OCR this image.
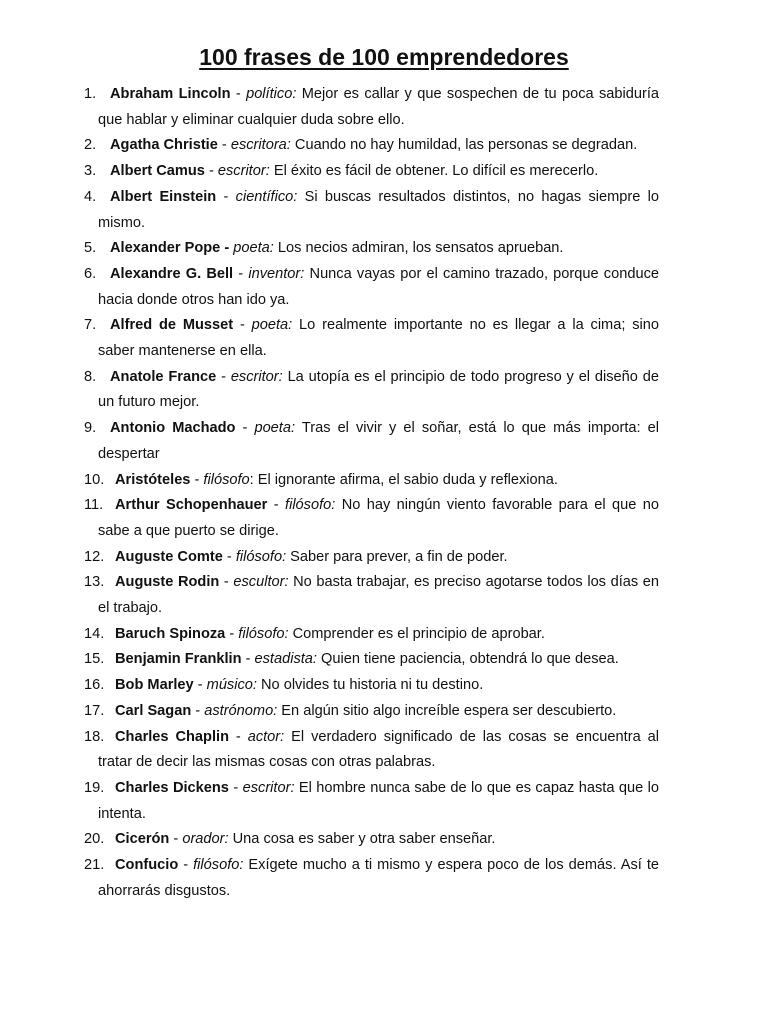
100 frases de 100 emprendedores
1. Abraham Lincoln - político: Mejor es callar y que sospechen de tu poca sabiduría que hablar y eliminar cualquier duda sobre ello.
2. Agatha Christie - escritora: Cuando no hay humildad, las personas se degradan.
3. Albert Camus - escritor: El éxito es fácil de obtener. Lo difícil es merecerlo.
4. Albert Einstein - científico: Si buscas resultados distintos, no hagas siempre lo mismo.
5. Alexander Pope - poeta: Los necios admiran, los sensatos aprueban.
6. Alexandre G. Bell - inventor: Nunca vayas por el camino trazado, porque conduce hacia donde otros han ido ya.
7. Alfred de Musset - poeta: Lo realmente importante no es llegar a la cima; sino saber mantenerse en ella.
8. Anatole France - escritor: La utopía es el principio de todo progreso y el diseño de un futuro mejor.
9. Antonio Machado - poeta: Tras el vivir y el soñar, está lo que más importa: el despertar
10. Aristóteles - filósofo: El ignorante afirma, el sabio duda y reflexiona.
11. Arthur Schopenhauer - filósofo: No hay ningún viento favorable para el que no sabe a que puerto se dirige.
12. Auguste Comte - filósofo: Saber para prever, a fin de poder.
13. Auguste Rodin - escultor: No basta trabajar, es preciso agotarse todos los días en el trabajo.
14. Baruch Spinoza - filósofo: Comprender es el principio de aprobar.
15. Benjamin Franklin - estadista: Quien tiene paciencia, obtendrá lo que desea.
16. Bob Marley - músico: No olvides tu historia ni tu destino.
17. Carl Sagan - astrónomo: En algún sitio algo increíble espera ser descubierto.
18. Charles Chaplin - actor: El verdadero significado de las cosas se encuentra al tratar de decir las mismas cosas con otras palabras.
19. Charles Dickens - escritor: El hombre nunca sabe de lo que es capaz hasta que lo intenta.
20. Cicerón - orador: Una cosa es saber y otra saber enseñar.
21. Confucio - filósofo: Exígete mucho a ti mismo y espera poco de los demás. Así te ahorrarás disgustos.
